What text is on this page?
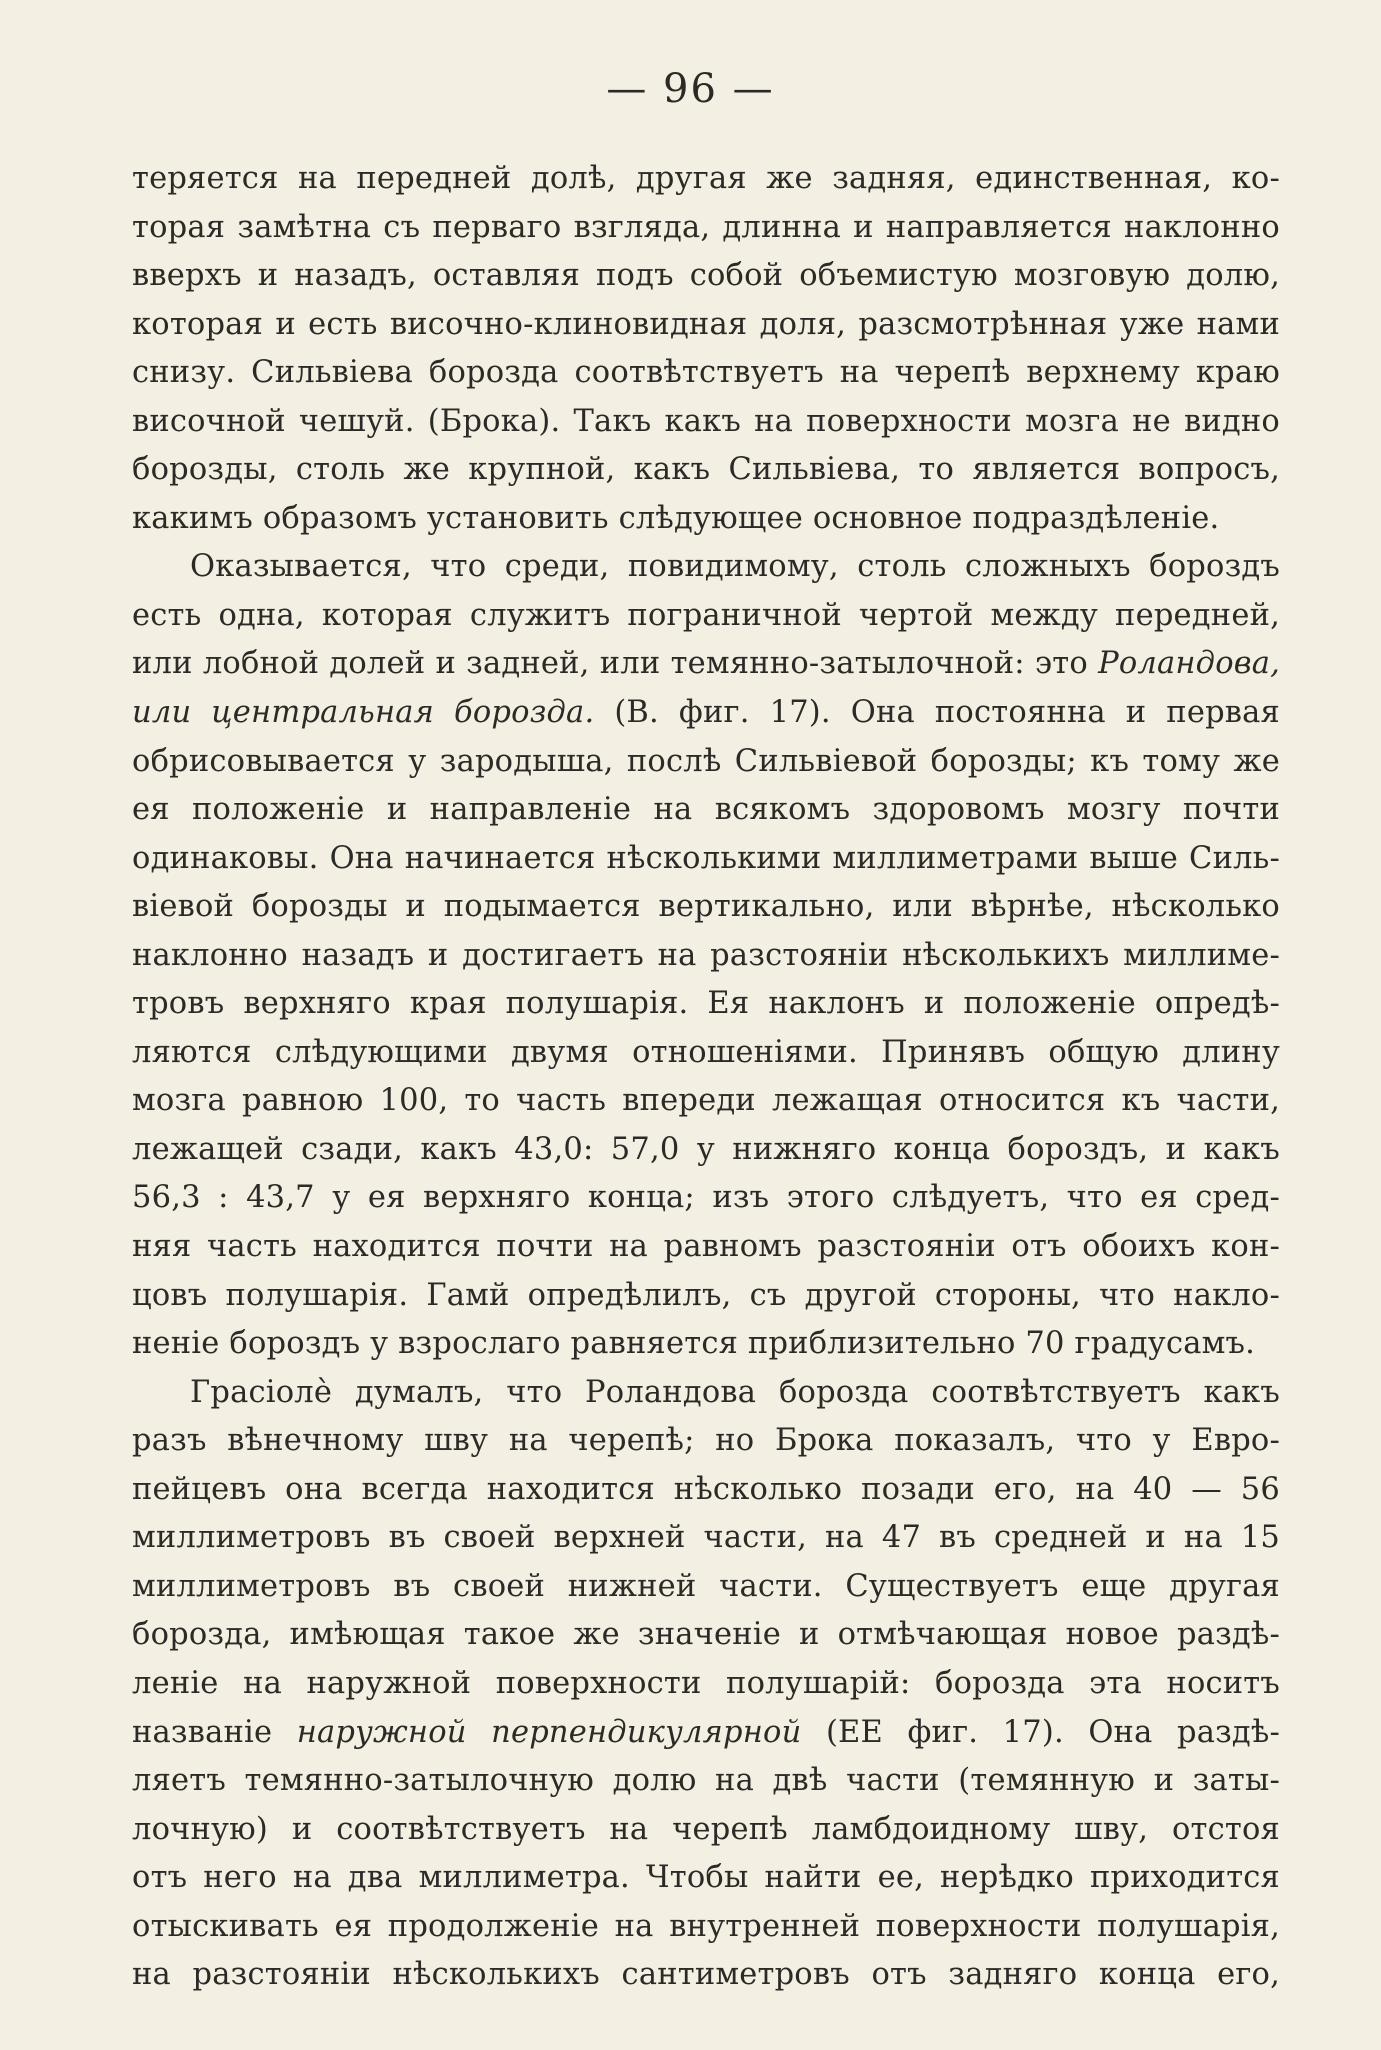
— 96 —
теряется на передней долѣ, другая же задняя, единственная, ко-
торая замѣтна съ перваго взгляда, длинна и направляется наклонно
вверхъ и назадъ, оставляя подъ собой объемистую мозговую долю,
которая и есть височно-клиновидная доля, разсмотрѣнная уже нами
снизу. Сильвіева борозда соотвѣтствуетъ на черепѣ верхнему краю
височной чешуй. (Брока). Такъ какъ на поверхности мозга не видно
борозды, столь же крупной, какъ Сильвіева, то является вопросъ,
какимъ образомъ установить слѣдующее основное подраздѣленіе.
Оказывается, что среди, повидимому, столь сложныхъ бороздъ
есть одна, которая служитъ пограничной чертой между передней,
или лобной долей и задней, или темянно-затылочной: это Роландова,
или центральная борозда. (В. фиг. 17). Она постоянна и первая
обрисовывается у зародыша, послѣ Сильвіевой борозды; къ тому же
ея положеніе и направленіе на всякомъ здоровомъ мозгу почти
одинаковы. Она начинается нѣсколькими миллиметрами выше Силь-
віевой борозды и подымается вертикально, или вѣрнѣе, нѣсколько
наклонно назадъ и достигаетъ на разстояніи нѣсколькихъ миллиме-
тровъ верхняго края полушарія. Ея наклонъ и положеніе опредѣ-
ляются слѣдующими двумя отношеніями. Принявъ общую длину
мозга равною 100, то часть впереди лежащая относится къ части,
лежащей сзади, какъ 43,0: 57,0 у нижняго конца бороздъ, и какъ
56,3 : 43,7 у ея верхняго конца; изъ этого слѣдуетъ, что ея сред-
няя часть находится почти на равномъ разстояніи отъ обоихъ кон-
цовъ полушарія. Гамй опредѣлилъ, съ другой стороны, что накло-
неніе бороздъ у взрослаго равняется приблизительно 70 градусамъ.
Грасіолѐ думалъ, что Роландова борозда соотвѣтствуетъ какъ
разъ вѣнечному шву на черепѣ; но Брока показалъ, что у Евро-
пейцевъ она всегда находится нѣсколько позади его, на 40 — 56
миллиметровъ въ своей верхней части, на 47 въ средней и на 15
миллиметровъ въ своей нижней части. Существуетъ еще другая
борозда, имѣющая такое же значеніе и отмѣчающая новое раздѣ-
леніе на наружной поверхности полушарій: борозда эта носитъ
названіе наружной перпендикулярной (ЕЕ фиг. 17). Она раздѣ-
ляетъ темянно-затылочную долю на двѣ части (темянную и заты-
лочную) и соотвѣтствуетъ на черепѣ ламбдоидному шву, отстоя
отъ него на два миллиметра. Чтобы найти ее, нерѣдко приходится
отыскивать ея продолженіе на внутренней поверхности полушарія,
на разстояніи нѣсколькихъ сантиметровъ отъ задняго конца его,
